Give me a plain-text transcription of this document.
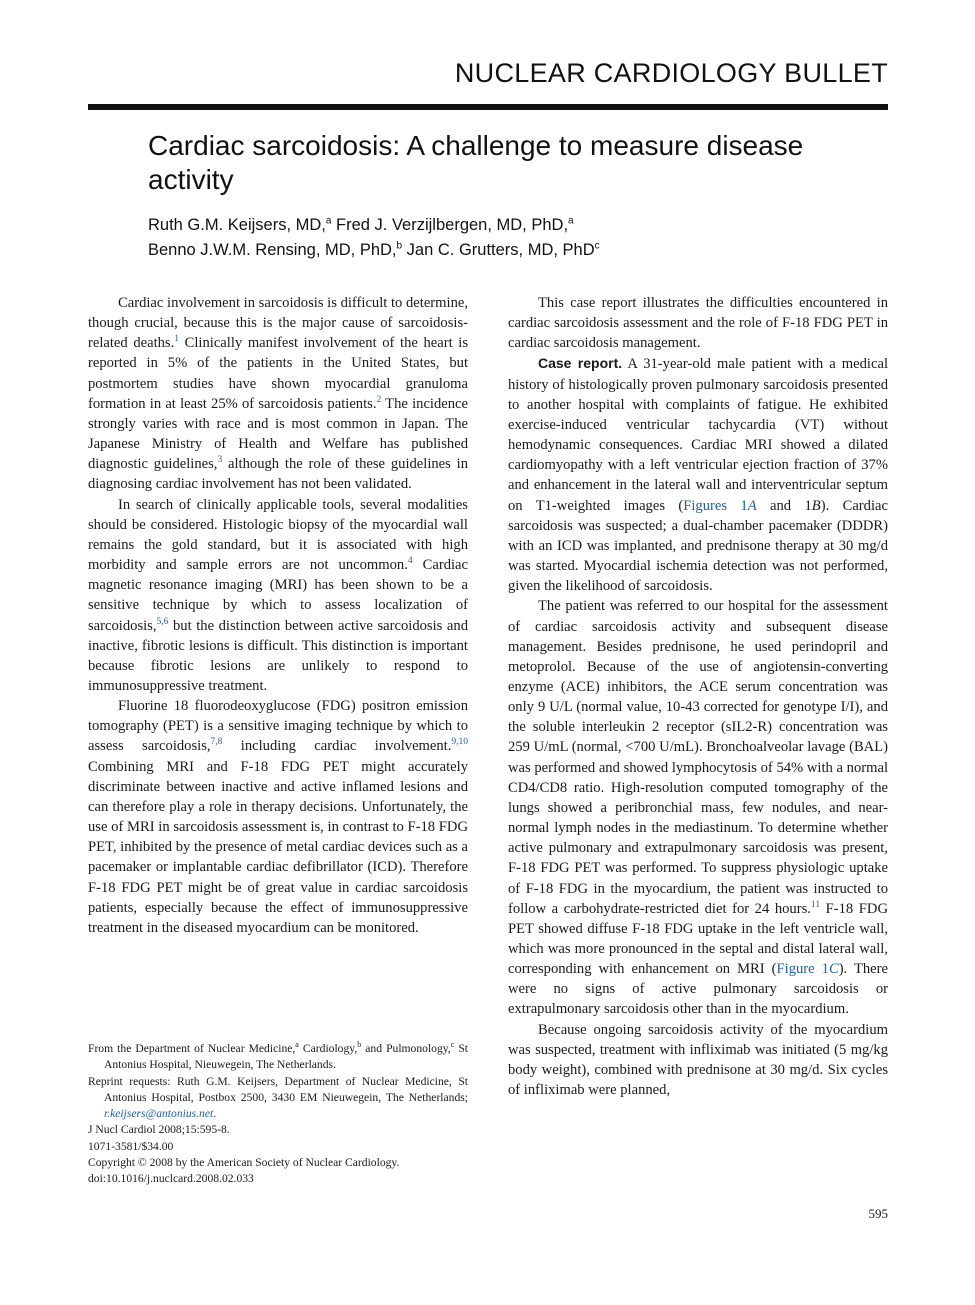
NUCLEAR CARDIOLOGY BULLET
Cardiac sarcoidosis: A challenge to measure disease activity
Ruth G.M. Keijsers, MD,$^a$ Fred J. Verzijlbergen, MD, PhD,$^a$
Benno J.W.M. Rensing, MD, PhD,$^b$ Jan C. Grutters, MD, PhD$^c$

Cardiac involvement in sarcoidosis is difficult to determine, though crucial, because this is the major cause of sarcoidosis-related deaths.$^1$ Clinically manifest involvement of the heart is reported in 5% of the patients in the United States, but postmortem studies have shown myocardial granuloma formation in at least 25% of sarcoidosis patients.$^2$ The incidence strongly varies with race and is most common in Japan. The Japanese Ministry of Health and Welfare has published diagnostic guidelines,$^3$ although the role of these guidelines in diagnosing cardiac involvement has not been validated.

In search of clinically applicable tools, several modalities should be considered. Histologic biopsy of the myocardial wall remains the gold standard, but it is associated with high morbidity and sample errors are not uncommon.$^4$ Cardiac magnetic resonance imaging (MRI) has been shown to be a sensitive technique by which to assess localization of sarcoidosis,$^{5,6}$ but the distinction between active sarcoidosis and inactive, fibrotic lesions is difficult. This distinction is important because fibrotic lesions are unlikely to respond to immunosuppressive treatment.

Fluorine 18 fluorodeoxyglucose (FDG) positron emission tomography (PET) is a sensitive imaging technique by which to assess sarcoidosis,$^{7,8}$ including cardiac involvement.$^{9,10}$ Combining MRI and F-18 FDG PET might accurately discriminate between inactive and active inflamed lesions and can therefore play a role in therapy decisions. Unfortunately, the use of MRI in sarcoidosis assessment is, in contrast to F-18 FDG PET, inhibited by the presence of metal cardiac devices such as a pacemaker or implantable cardiac defibrillator (ICD). Therefore F-18 FDG PET might be of great value in cardiac sarcoidosis patients, especially because the effect of immunosuppressive treatment in the diseased myocardium can be monitored.

This case report illustrates the difficulties encountered in cardiac sarcoidosis assessment and the role of F-18 FDG PET in cardiac sarcoidosis management.

Case report. A 31-year-old male patient with a medical history of histologically proven pulmonary sarcoidosis presented to another hospital with complaints of fatigue. He exhibited exercise-induced ventricular tachycardia (VT) without hemodynamic consequences. Cardiac MRI showed a dilated cardiomyopathy with a left ventricular ejection fraction of 37% and enhancement in the lateral wall and interventricular septum on T1-weighted images (Figures 1A and 1B). Cardiac sarcoidosis was suspected; a dual-chamber pacemaker (DDDR) with an ICD was implanted, and prednisone therapy at 30 mg/d was started. Myocardial ischemia detection was not performed, given the likelihood of sarcoidosis.

The patient was referred to our hospital for the assessment of cardiac sarcoidosis activity and subsequent disease management. Besides prednisone, he used perindopril and metoprolol. Because of the use of angiotensin-converting enzyme (ACE) inhibitors, the ACE serum concentration was only 9 U/L (normal value, 10-43 corrected for genotype I/I), and the soluble interleukin 2 receptor (sIL2-R) concentration was 259 U/mL (normal, <700 U/mL). Bronchoalveolar lavage (BAL) was performed and showed lymphocytosis of 54% with a normal CD4/CD8 ratio. High-resolution computed tomography of the lungs showed a peribronchial mass, few nodules, and near-normal lymph nodes in the mediastinum. To determine whether active pulmonary and extrapulmonary sarcoidosis was present, F-18 FDG PET was performed. To suppress physiologic uptake of F-18 FDG in the myocardium, the patient was instructed to follow a carbohydrate-restricted diet for 24 hours.$^{11}$ F-18 FDG PET showed diffuse F-18 FDG uptake in the left ventricle wall, which was more pronounced in the septal and distal lateral wall, corresponding with enhancement on MRI (Figure 1C). There were no signs of active pulmonary sarcoidosis or extrapulmonary sarcoidosis other than in the myocardium.

Because ongoing sarcoidosis activity of the myocardium was suspected, treatment with infliximab was initiated (5 mg/kg body weight), combined with prednisone at 30 mg/d. Six cycles of infliximab were planned,

From the Department of Nuclear Medicine,$^a$ Cardiology,$^b$ and Pulmonology,$^c$ St Antonius Hospital, Nieuwegein, The Netherlands.

Reprint requests: Ruth G.M. Keijsers, Department of Nuclear Medicine, St Antonius Hospital, Postbox 2500, 3430 EM Nieuwegein, The Netherlands; r.keijsers@antonius.net.

J Nucl Cardiol 2008;15:595-8.

1071-3581/$34.00

Copyright © 2008 by the American Society of Nuclear Cardiology.

doi:10.1016/j.nuclcard.2008.02.033

595
